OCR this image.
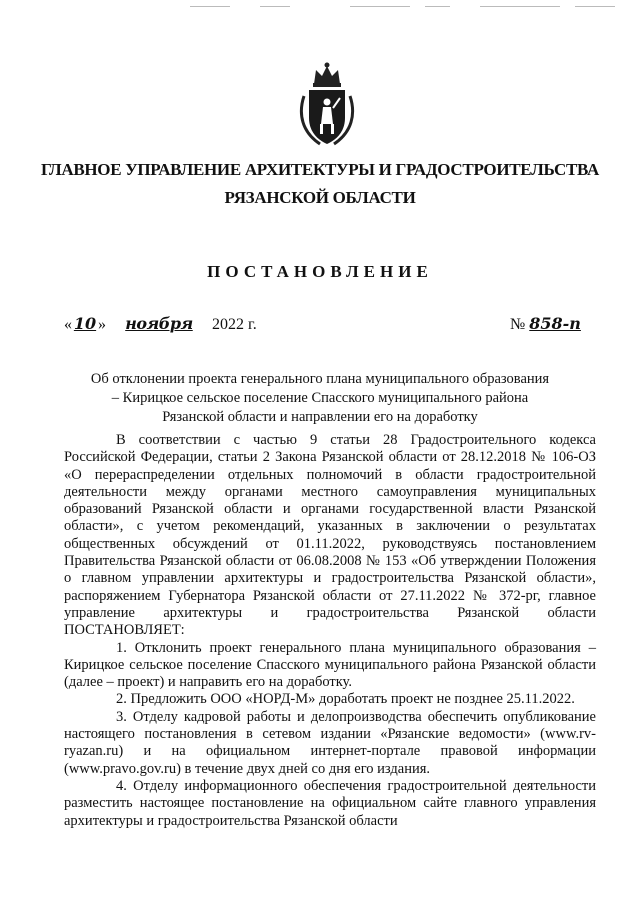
ГЛАВНОЕ УПРАВЛЕНИЕ АРХИТЕКТУРЫ И ГРАДОСТРОИТЕЛЬСТВА
РЯЗАНСКОЙ ОБЛАСТИ
ПОСТАНОВЛЕНИЕ
« 10 » ноября 2022 г.	№ 858-п
Об отклонении проекта генерального плана муниципального образования – Кирицкое сельское поселение Спасского муниципального района Рязанской области и направлении его на доработку

В соответствии с частью 9 статьи 28 Градостроительного кодекса Российской Федерации, статьи 2 Закона Рязанской области от 28.12.2018 № 106-ОЗ «О перераспределении отдельных полномочий в области градостроительной деятельности между органами местного самоуправления муниципальных образований Рязанской области и органами государственной власти Рязанской области», с учетом рекомендаций, указанных в заключении о результатах общественных обсуждений от 01.11.2022, руководствуясь постановлением Правительства Рязанской области от 06.08.2008 № 153 «Об утверждении Положения о главном управлении архитектуры и градостроительства Рязанской области», распоряжением Губернатора Рязанской области от 27.11.2022 № 372-рг, главное управление архитектуры и градостроительства Рязанской области ПОСТАНОВЛЯЕТ:

1. Отклонить проект генерального плана муниципального образования – Кирицкое сельское поселение Спасского муниципального района Рязанской области (далее – проект) и направить его на доработку.

2. Предложить ООО «НОРД-М» доработать проект не позднее 25.11.2022.

3. Отделу кадровой работы и делопроизводства обеспечить опубликование настоящего постановления в сетевом издании «Рязанские ведомости» (www.rv-ryazan.ru) и на официальном интернет-портале правовой информации (www.pravo.gov.ru) в течение двух дней со дня его издания.

4. Отделу информационного обеспечения градостроительной деятельности разместить настоящее постановление на официальном сайте главного управления архитектуры и градостроительства Рязанской области
